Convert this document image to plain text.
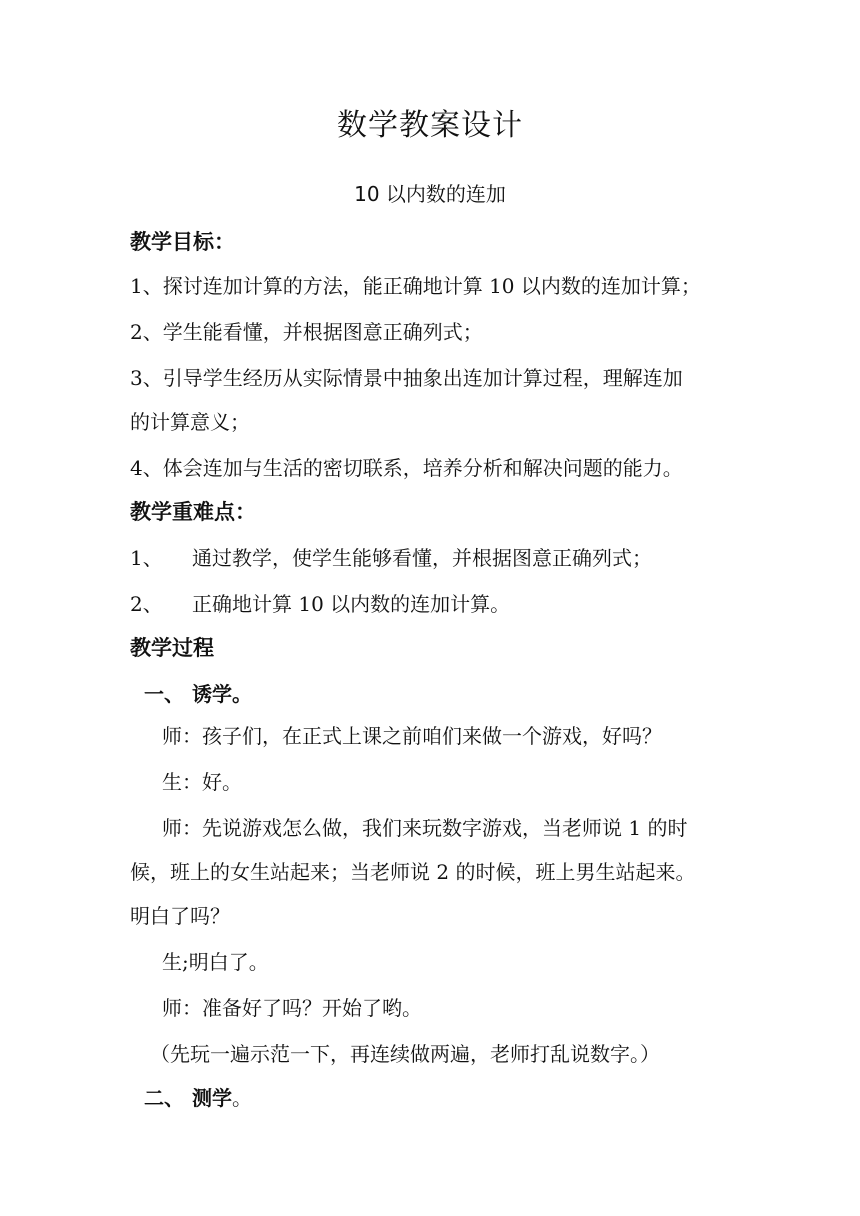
数学教案设计
10 以内数的连加
教学目标：
1、探讨连加计算的方法，能正确地计算 10 以内数的连加计算；
2、学生能看懂，并根据图意正确列式；
3、引导学生经历从实际情景中抽象出连加计算过程，理解连加
的计算意义；
4、体会连加与生活的密切联系，培养分析和解决问题的能力。
教学重难点：
1、 通过教学，使学生能够看懂，并根据图意正确列式；
2、 正确地计算 10 以内数的连加计算。
教学过程
一、 诱学。
师：孩子们，在正式上课之前咱们来做一个游戏，好吗？
生：好。
师：先说游戏怎么做，我们来玩数字游戏，当老师说 1 的时
候，班上的女生站起来；当老师说 2 的时候，班上男生站起来。
明白了吗？
生;明白了。
师：准备好了吗？开始了哟。
（先玩一遍示范一下，再连续做两遍，老师打乱说数字。）
二、 测学。
